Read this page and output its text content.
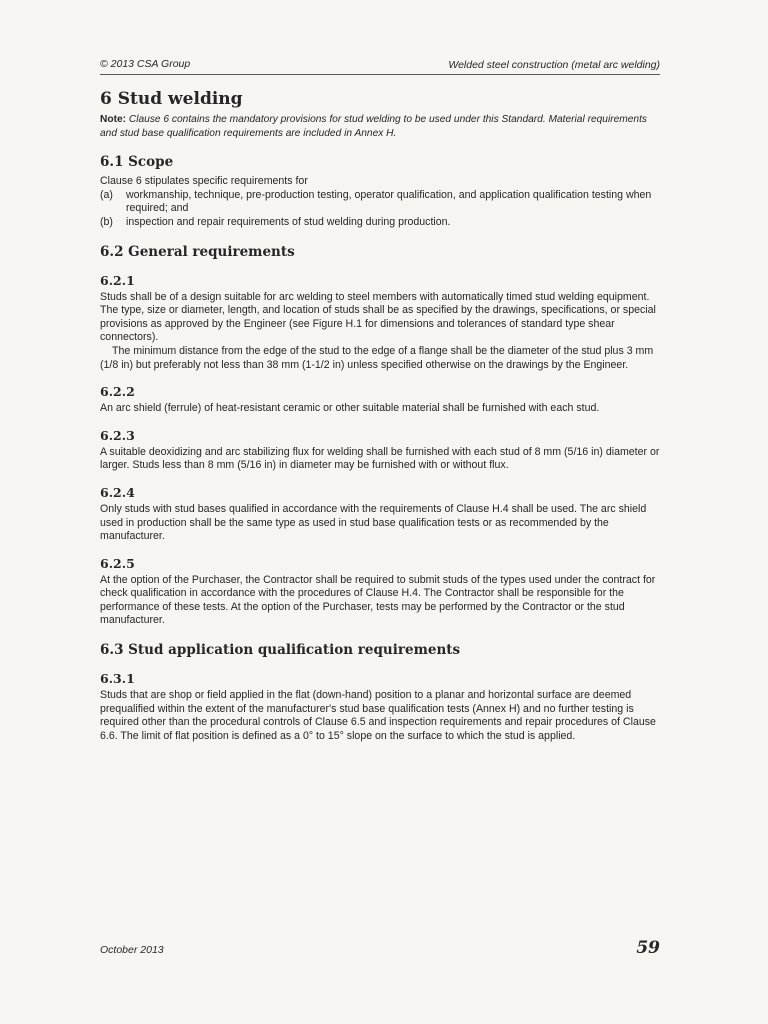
© 2013 CSA Group	Welded steel construction (metal arc welding)
6 Stud welding

Note: Clause 6 contains the mandatory provisions for stud welding to be used under this Standard. Material requirements and stud base qualification requirements are included in Annex H.

6.1 Scope

Clause 6 stipulates specific requirements for

(a) workmanship, technique, pre-production testing, operator qualification, and application qualification testing when required; and
(b) inspection and repair requirements of stud welding during production.
6.2 General requirements
6.2.1

Studs shall be of a design suitable for arc welding to steel members with automatically timed stud welding equipment. The type, size or diameter, length, and location of studs shall be as specified by the drawings, specifications, or special provisions as approved by the Engineer (see Figure H.1 for dimensions and tolerances of standard type shear connectors).

The minimum distance from the edge of the stud to the edge of a flange shall be the diameter of the stud plus 3 mm (1/8 in) but preferably not less than 38 mm (1-1/2 in) unless specified otherwise on the drawings by the Engineer.

6.2.2

An arc shield (ferrule) of heat-resistant ceramic or other suitable material shall be furnished with each stud.

6.2.3

A suitable deoxidizing and arc stabilizing flux for welding shall be furnished with each stud of 8 mm (5/16 in) diameter or larger. Studs less than 8 mm (5/16 in) in diameter may be furnished with or without flux.

6.2.4

Only studs with stud bases qualified in accordance with the requirements of Clause H.4 shall be used. The arc shield used in production shall be the same type as used in stud base qualification tests or as recommended by the manufacturer.

6.2.5

At the option of the Purchaser, the Contractor shall be required to submit studs of the types used under the contract for check qualification in accordance with the procedures of Clause H.4. The Contractor shall be responsible for the performance of these tests. At the option of the Purchaser, tests may be performed by the Contractor or the stud manufacturer.

6.3 Stud application qualification requirements
6.3.1

Studs that are shop or field applied in the flat (down-hand) position to a planar and horizontal surface are deemed prequalified within the extent of the manufacturer's stud base qualification tests (Annex H) and no further testing is required other than the procedural controls of Clause 6.5 and inspection requirements and repair procedures of Clause 6.6. The limit of flat position is defined as a 0° to 15° slope on the surface to which the stud is applied.

October 2013	59
